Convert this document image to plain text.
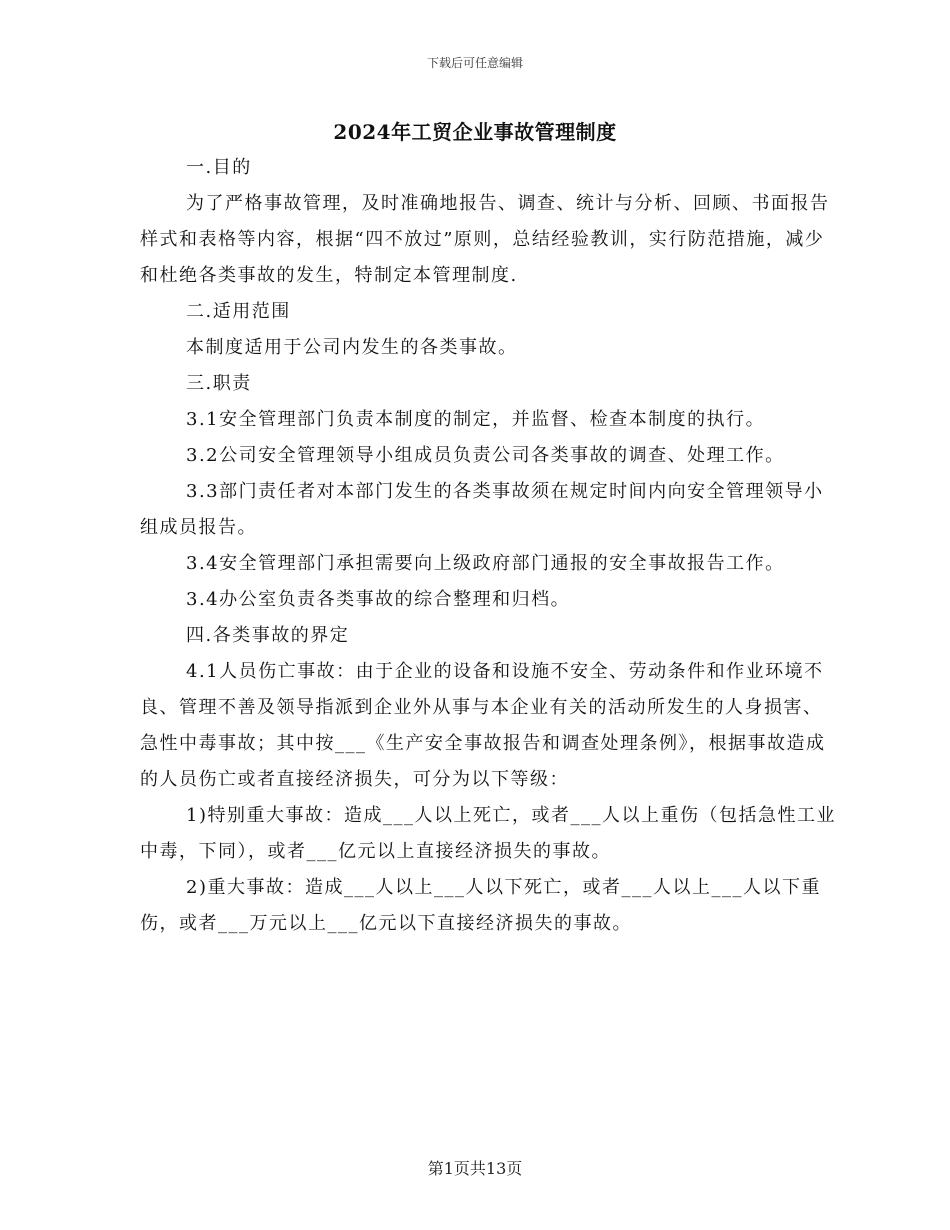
下载后可任意编辑
2024年工贸企业事故管理制度

一.目的

为了严格事故管理，及时准确地报告、调查、统计与分析、回顾、书面报告样式和表格等内容，根据“四不放过”原则，总结经验教训，实行防范措施，减少和杜绝各类事故的发生，特制定本管理制度.

二.适用范围

本制度适用于公司内发生的各类事故。

三.职责

3.1安全管理部门负责本制度的制定，并监督、检查本制度的执行。

3.2公司安全管理领导小组成员负责公司各类事故的调查、处理工作。

3.3部门责任者对本部门发生的各类事故须在规定时间内向安全管理领导小组成员报告。

3.4安全管理部门承担需要向上级政府部门通报的安全事故报告工作。

3.4办公室负责各类事故的综合整理和归档。

四.各类事故的界定

4.1人员伤亡事故：由于企业的设备和设施不安全、劳动条件和作业环境不良、管理不善及领导指派到企业外从事与本企业有关的活动所发生的人身损害、急性中毒事故；其中按___《生产安全事故报告和调查处理条例》，根据事故造成的人员伤亡或者直接经济损失，可分为以下等级：

1)特别重大事故：造成___人以上死亡，或者___人以上重伤（包括急性工业中毒，下同），或者___亿元以上直接经济损失的事故。

2)重大事故：造成___人以上___人以下死亡，或者___人以上___人以下重伤，或者___万元以上___亿元以下直接经济损失的事故。

第1页共13页
